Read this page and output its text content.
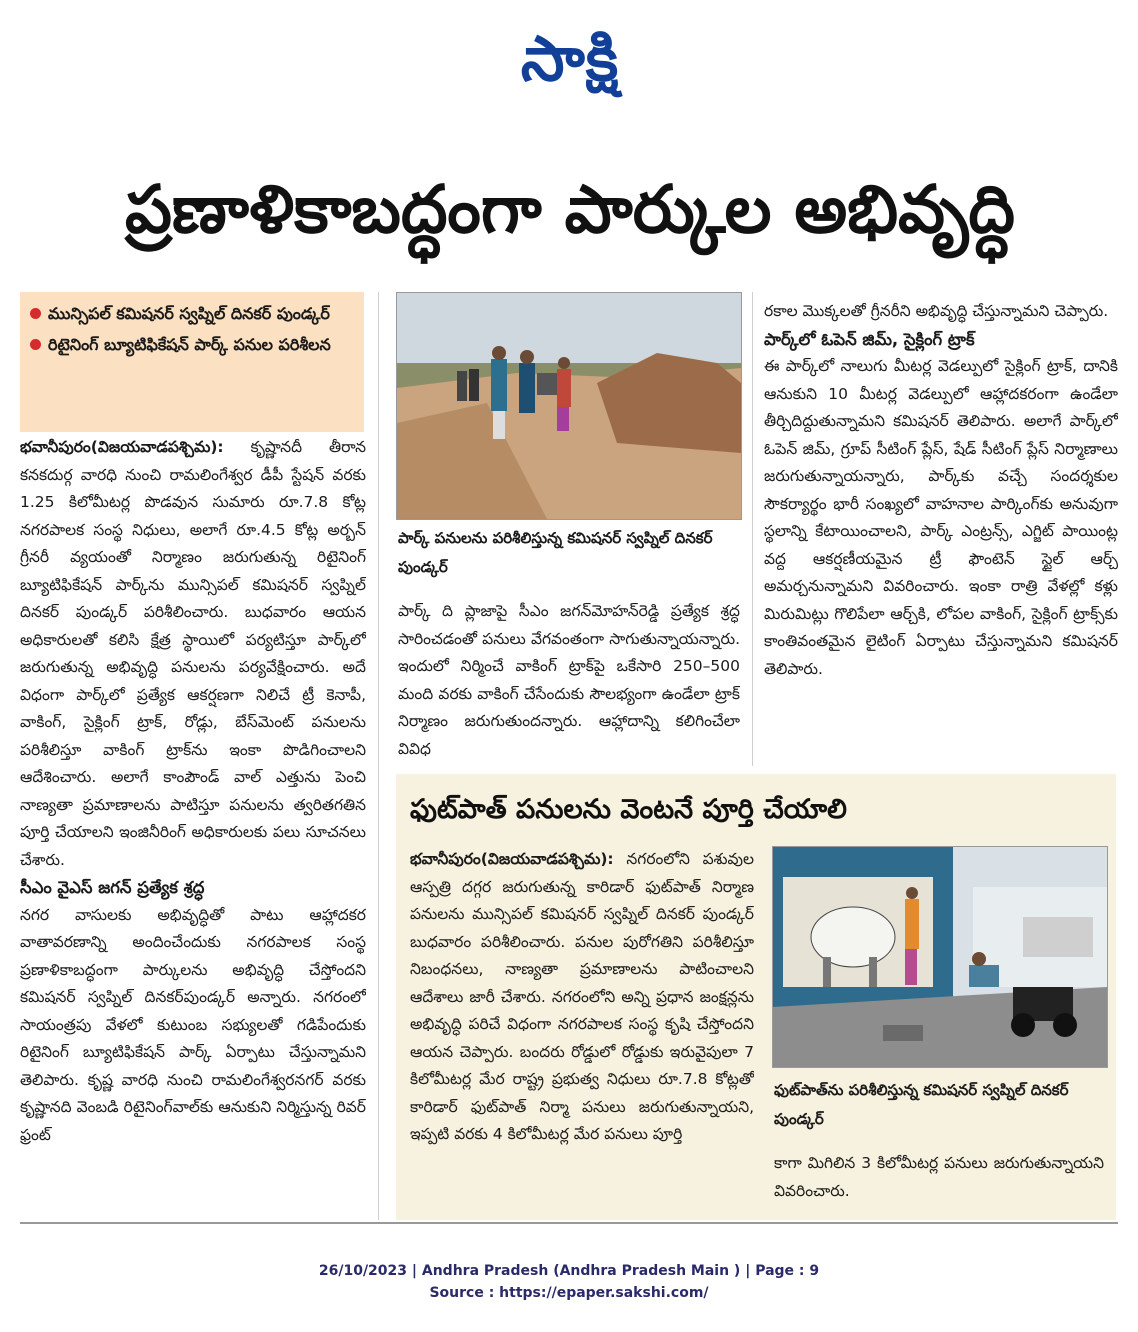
సాక్షి
ప్రణాళికాబద్ధంగా పార్కుల అభివృద్ధి
మున్సిపల్ కమిషనర్ స్వప్నిల్ దినకర్ పుండ్కర్
రిటైనింగ్ బ్యూటిఫికేషన్ పార్క్ పనుల పరిశీలన

భవానీపురం(విజయవాడపశ్చిమ): కృష్ణానదీ తీరాన కనకదుర్గ వారధి నుంచి రామలింగేశ్వర డీపీ స్టేషన్ వరకు 1.25 కిలోమీటర్ల పొడవున సుమారు రూ.7.8 కోట్ల నగరపాలక సంస్థ నిధులు, అలాగే రూ.4.5 కోట్ల అర్బన్ గ్రీనరీ వ్యయంతో నిర్మాణం జరుగుతున్న రిటైనింగ్ బ్యూటిఫికేషన్ పార్క్‌ను మున్సిపల్ కమిషనర్ స్వప్నిల్ దినకర్ పుండ్కర్ పరిశీలించారు. బుధవారం ఆయన అధికారులతో కలిసి క్షేత్ర స్థాయిలో పర్యటిస్తూ పార్క్‌లో జరుగుతున్న అభివృద్ధి పనులను పర్యవేక్షించారు. అదే విధంగా పార్క్‌లో ప్రత్యేక ఆకర్షణగా నిలిచే ట్రీ కెనాపీ, వాకింగ్, సైక్లింగ్ ట్రాక్, రోడ్లు, బేస్‌మెంట్ పనులను పరిశీలిస్తూ వాకింగ్ ట్రాక్‌ను ఇంకా పొడిగించాలని ఆదేశించారు. అలాగే కాంపౌండ్ వాల్ ఎత్తును పెంచి నాణ్యతా ప్రమాణాలను పాటిస్తూ పనులను త్వరితగతిన పూర్తి చేయాలని ఇంజినీరింగ్ అధికారులకు పలు సూచనలు చేశారు.

సీఎం వైఎస్ జగన్ ప్రత్యేక శ్రద్ధ

నగర వాసులకు అభివృద్ధితో పాటు ఆహ్లాదకర వాతావరణాన్ని అందించేందుకు నగరపాలక సంస్థ ప్రణాళికాబద్ధంగా పార్కులను అభివృద్ధి చేస్తోందని కమిషనర్ స్వప్నిల్ దినకర్‌పుండ్కర్ అన్నారు. నగరంలో సాయంత్రపు వేళలో కుటుంబ సభ్యులతో గడిపేందుకు రిటైనింగ్ బ్యూటిఫికేషన్ పార్క్ ఏర్పాటు చేస్తున్నామని తెలిపారు. కృష్ణ వారధి నుంచి రామలింగేశ్వరనగర్ వరకు కృష్ణానది వెంబడి రిటైనింగ్‌వాల్‌కు ఆనుకుని నిర్మిస్తున్న రివర్ ఫ్రంట్

పార్క్ పనులను పరిశీలిస్తున్న కమిషనర్ స్వప్నిల్ దినకర్ పుండ్కర్

పార్క్ ది ప్లాజాపై సీఎం జగన్‌మోహన్‌రెడ్డి ప్రత్యేక శ్రద్ధ సారించడంతో పనులు వేగవంతంగా సాగుతున్నాయన్నారు. ఇందులో నిర్మించే వాకింగ్ ట్రాక్‌పై ఒకేసారి 250–500 మంది వరకు వాకింగ్ చేసేందుకు సౌలభ్యంగా ఉండేలా ట్రాక్ నిర్మాణం జరుగుతుందన్నారు. ఆహ్లాదాన్ని కలిగించేలా వివిధ

రకాల మొక్కలతో గ్రీనరీని అభివృద్ధి చేస్తున్నామని చెప్పారు.

పార్క్‌లో ఓపెన్ జిమ్, సైక్లింగ్ ట్రాక్

ఈ పార్క్‌లో నాలుగు మీటర్ల వెడల్పులో సైక్లింగ్ ట్రాక్, దానికి ఆనుకుని 10 మీటర్ల వెడల్పులో ఆహ్లాదకరంగా ఉండేలా తీర్చిదిద్దుతున్నామని కమిషనర్ తెలిపారు. అలాగే పార్క్‌లో ఓపెన్ జిమ్, గ్రూప్ సీటింగ్ ప్లేస్, షేడ్ సీటింగ్ ప్లేస్ నిర్మాణాలు జరుగుతున్నాయన్నారు, పార్క్‌కు వచ్చే సందర్శకుల సౌకర్యార్థం భారీ సంఖ్యలో వాహనాల పార్కింగ్‌కు అనువుగా స్థలాన్ని కేటాయించాలని, పార్క్ ఎంట్రన్స్, ఎగ్జిట్ పాయింట్ల వద్ద ఆకర్షణీయమైన ట్రీ ఫౌంటెన్ స్టైల్ ఆర్చ్ అమర్చనున్నామని వివరించారు. ఇంకా రాత్రి వేళల్లో కళ్లు మిరుమిట్లు గొలిపేలా ఆర్చ్‌కి, లోపల వాకింగ్, సైక్లింగ్ ట్రాక్స్‌కు కాంతివంతమైన లైటింగ్ ఏర్పాటు చేస్తున్నామని కమిషనర్ తెలిపారు.

ఫుట్‌పాత్ పనులను వెంటనే పూర్తి చేయాలి

భవానీపురం(విజయవాడపశ్చిమ): నగరంలోని పశువుల ఆస్పత్రి దగ్గర జరుగుతున్న కారిడార్ ఫుట్‌పాత్ నిర్మాణ పనులను మున్సిపల్ కమిషనర్ స్వప్నిల్ దినకర్ పుండ్కర్ బుధవారం పరిశీలించారు. పనుల పురోగతిని పరిశీలిస్తూ నిబంధనలు, నాణ్యతా ప్రమాణాలను పాటించాలని ఆదేశాలు జారీ చేశారు. నగరంలోని అన్ని ప్రధాన జంక్షన్లను అభివృద్ధి పరిచే విధంగా నగరపాలక సంస్థ కృషి చేస్తోందని ఆయన చెప్పారు. బందరు రోడ్డులో రోడ్డుకు ఇరువైపులా 7 కిలోమీటర్ల మేర రాష్ట్ర ప్రభుత్వ నిధులు రూ.7.8 కోట్లతో కారిడార్ ఫుట్‌పాత్ నిర్మా పనులు జరుగుతున్నాయని, ఇప్పటి వరకు 4 కిలోమీటర్ల మేర పనులు పూర్తి

ఫుట్‌పాత్‌ను పరిశీలిస్తున్న కమిషనర్ స్వప్నిల్ దినకర్ పుండ్కర్

కాగా మిగిలిన 3 కిలోమీటర్ల పనులు జరుగుతున్నాయని వివరించారు.

26/10/2023 | Andhra Pradesh (Andhra Pradesh Main ) | Page : 9
Source : https://epaper.sakshi.com/
